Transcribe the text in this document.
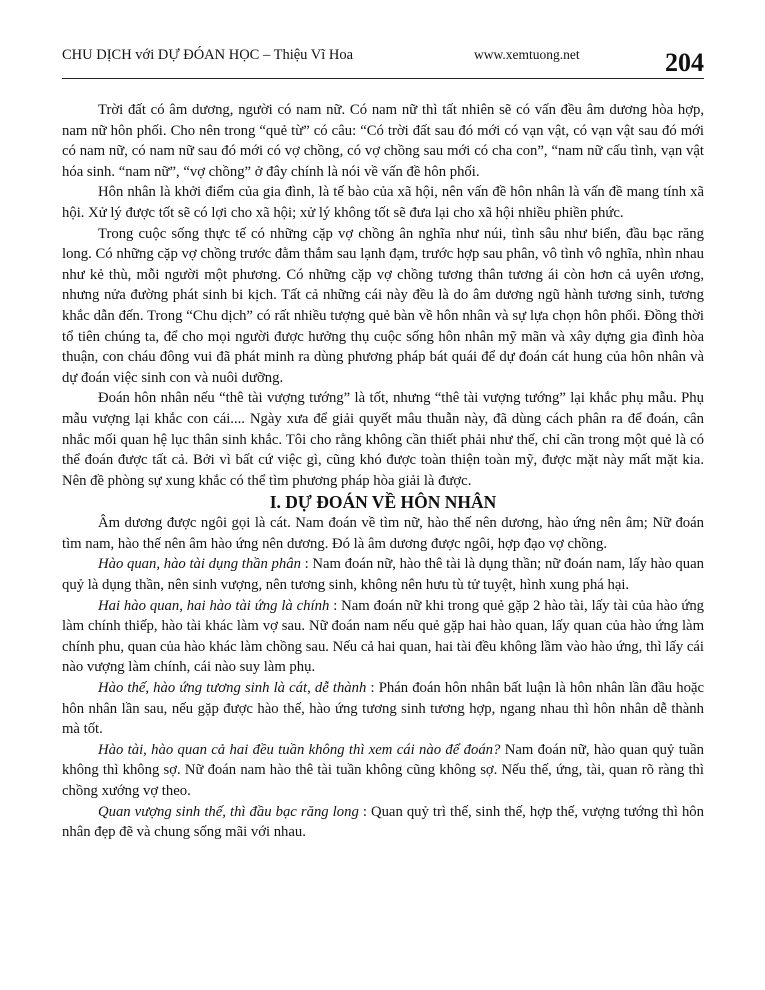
CHU DỊCH với DỰ ĐÓAN HỌC – Thiệu Vĩ Hoa	www.xemtuong.net	204

Trời đất có âm dương, người có nam nữ. Có nam nữ thì tất nhiên sẽ có vấn đều âm dương hòa hợp, nam nữ hôn phối. Cho nên trong “quẻ từ” có câu: “Có trời đất sau đó mới có vạn vật, có vạn vật sau đó mới có nam nữ, có nam nữ sau đó mới có vợ chồng, có vợ chồng sau mới có cha con”, “nam nữ cấu tình, vạn vật hóa sinh. “nam nữ”, “vợ chồng” ở đây chính là nói về vấn đề hôn phối.

Hôn nhân là khởi điểm của gia đình, là tế bào của xã hội, nên vấn đề hôn nhân là vấn đề mang tính xã hội. Xử lý được tốt sẽ có lợi cho xã hội; xử lý không tốt sẽ đưa lại cho xã hội nhiều phiền phức.

Trong cuộc sống thực tế có những cặp vợ chồng ân nghĩa như núi, tình sâu như biển, đầu bạc răng long. Có những cặp vợ chồng trước đằm thắm sau lạnh đạm, trước hợp sau phân, vô tình vô nghĩa, nhìn nhau như kẻ thù, mỗi người một phương. Có những cặp vợ chồng tương thân tương ái còn hơn cả uyên ương, nhưng nửa đường phát sinh bi kịch. Tất cả những cái này đều là do âm dương ngũ hành tương sinh, tương khắc dẫn đến. Trong “Chu dịch” có rất nhiều tượng quẻ bàn về hôn nhân và sự lựa chọn hôn phối. Đồng thời tổ tiên chúng ta, để cho mọi người được hưởng thụ cuộc sống hôn nhân mỹ mãn và xây dựng gia đình hòa thuận, con cháu đông vui đã phát minh ra dùng phương pháp bát quái để dự đoán cát hung của hôn nhân và dự đoán việc sinh con và nuôi dưỡng.

Đoán hôn nhân nếu “thê tài vượng tướng” là tốt, nhưng “thê tài vượng tướng” lại khắc phụ mẫu. Phụ mẫu vượng lại khắc con cái.... Ngày xưa để giải quyết mâu thuẫn này, đã dùng cách phân ra để đoán, cân nhắc mối quan hệ lục thân sinh khắc. Tôi cho rằng không cần thiết phải như thế, chỉ cần trong một quẻ là có thể đoán được tất cả. Bởi vì bất cứ việc gì, cũng khó được toàn thiện toàn mỹ, được mặt này mất mặt kia. Nên đề phòng sự xung khắc có thể tìm phương pháp hòa giải là được.

I. DỰ ĐOÁN VỀ HÔN NHÂN

Âm dương được ngôi gọi là cát. Nam đoán về tìm nữ, hào thế nên dương, hào ứng nên âm; Nữ đoán tìm nam, hào thế nên âm hào ứng nên dương. Đó là âm dương được ngôi, hợp đạo vợ chồng.

Hào quan, hào tài dụng thần phân : Nam đoán nữ, hào thê tài là dụng thần; nữ đoán nam, lấy hào quan quỷ là dụng thần, nên sinh vượng, nên tương sinh, không nên hưu tù tử tuyệt, hình xung phá hại.

Hai hào quan, hai hào tài ứng là chính : Nam đoán nữ khi trong quẻ gặp 2 hào tài, lấy tài của hào ứng làm chính thiếp, hào tài khác làm vợ sau. Nữ đoán nam nếu quẻ gặp hai hào quan, lấy quan của hào ứng làm chính phu, quan của hào khác làm chồng sau. Nếu cả hai quan, hai tài đều không lầm vào hào ứng, thì lấy cái nào vượng làm chính, cái nào suy làm phụ.

Hào thế, hào ứng tương sinh là cát, dễ thành : Phán đoán hôn nhân bất luận là hôn nhân lần đầu hoặc hôn nhân lần sau, nếu gặp được hào thế, hào ứng tương sinh tương hợp, ngang nhau thì hôn nhân dễ thành mà tốt.

Hào tài, hào quan cả hai đều tuần không thì xem cái nào để đoán? Nam đoán nữ, hào quan quỷ tuần không thì không sợ. Nữ đoán nam hào thê tài tuần không cũng không sợ. Nếu thế, ứng, tài, quan rõ ràng thì chồng xướng vợ theo.

Quan vượng sinh thế, thì đầu bạc răng long : Quan quỷ trì thế, sinh thế, hợp thế, vượng tướng thì hôn nhân đẹp đẽ và chung sống mãi với nhau.
